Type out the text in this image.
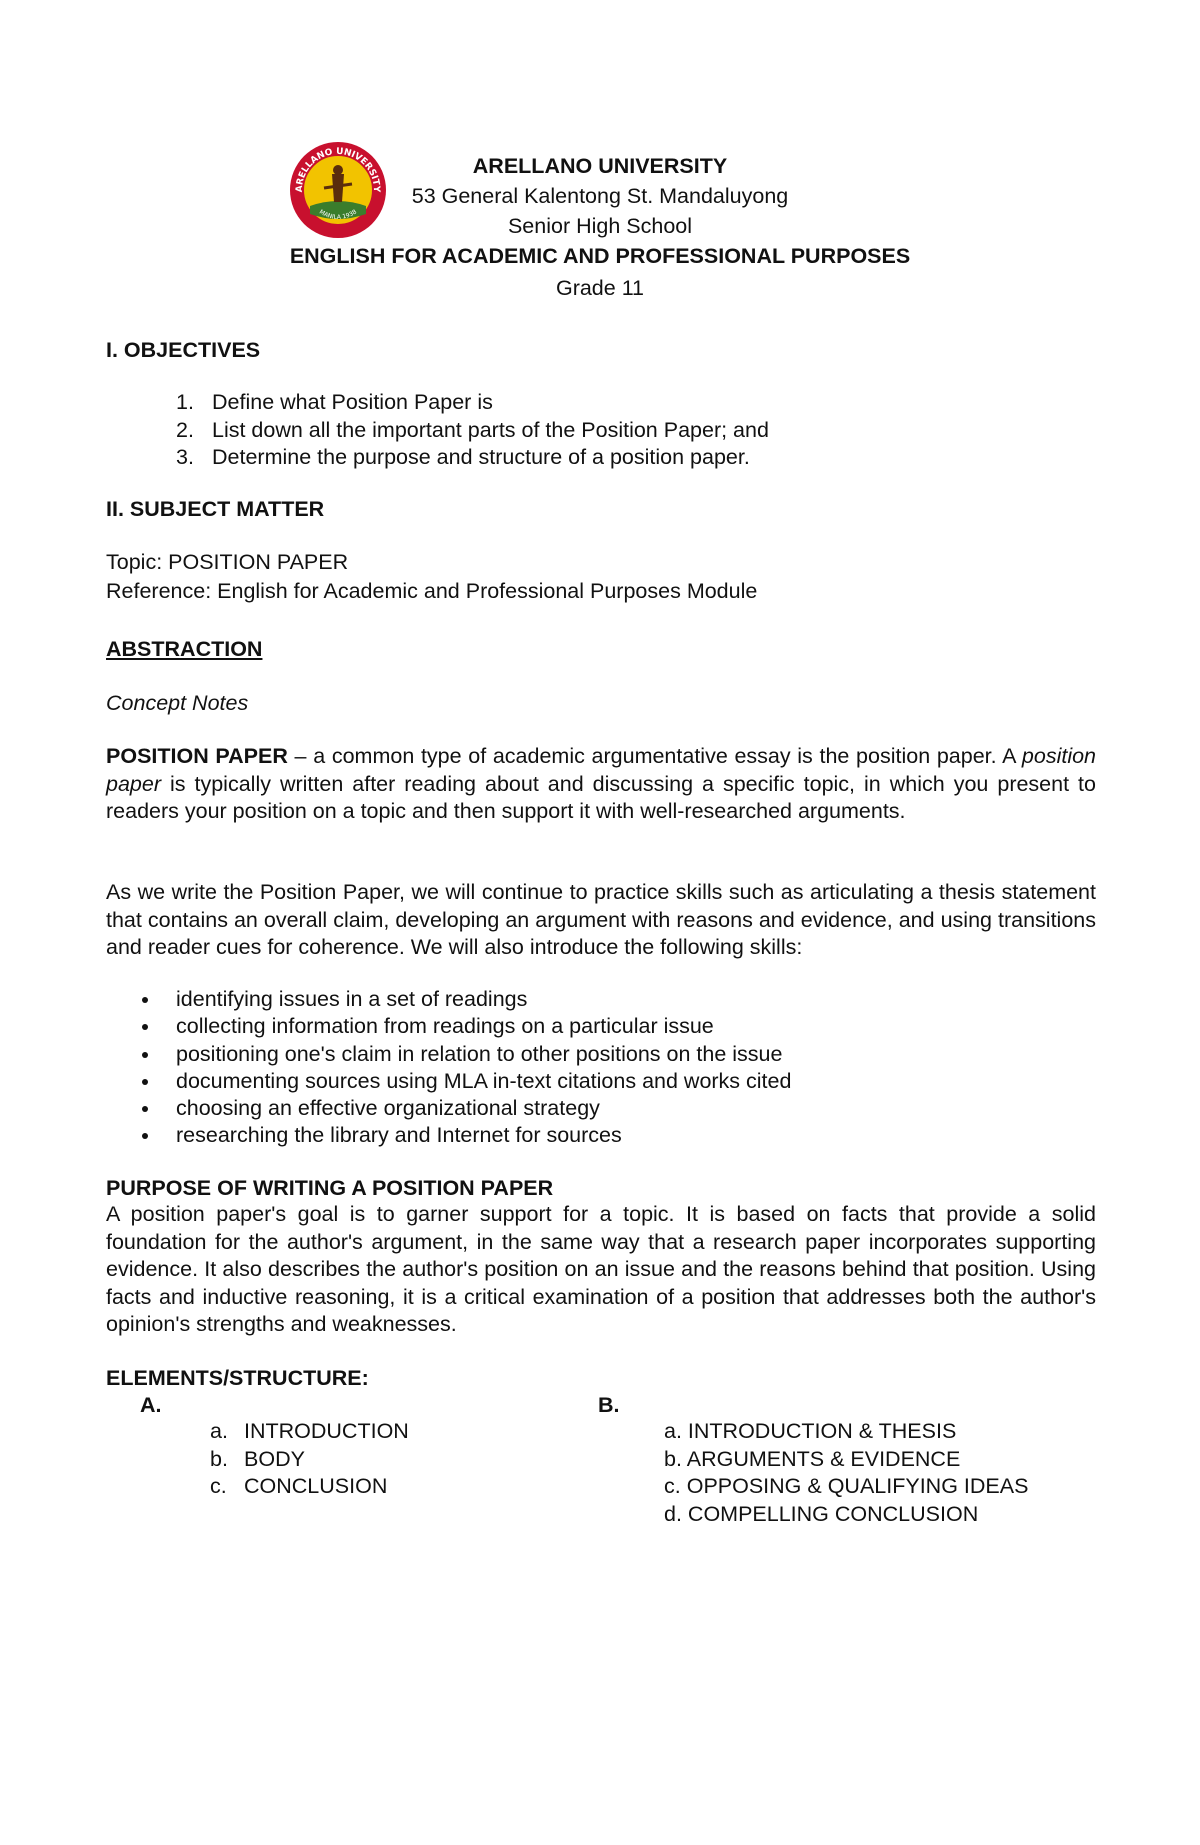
ARELLANO UNIVERSITY
MANILA 1938
ARELLANO UNIVERSITY
53 General Kalentong St. Mandaluyong
Senior High School
ENGLISH FOR ACADEMIC AND PROFESSIONAL PURPOSES
Grade 11
I. OBJECTIVES
1. Define what Position Paper is
2. List down all the important parts of the Position Paper; and
3. Determine the purpose and structure of a position paper.
II. SUBJECT MATTER
Topic: POSITION PAPER
Reference: English for Academic and Professional Purposes Module
ABSTRACTION
Concept Notes

POSITION PAPER – a common type of academic argumentative essay is the position paper. A position paper is typically written after reading about and discussing a specific topic, in which you present to readers your position on a topic and then support it with well-researched arguments.

As we write the Position Paper, we will continue to practice skills such as articulating a thesis statement that contains an overall claim, developing an argument with reasons and evidence, and using transitions and reader cues for coherence. We will also introduce the following skills:

identifying issues in a set of readings
collecting information from readings on a particular issue
positioning one's claim in relation to other positions on the issue
documenting sources using MLA in-text citations and works cited
choosing an effective organizational strategy
researching the library and Internet for sources
PURPOSE OF WRITING A POSITION PAPER

A position paper's goal is to garner support for a topic. It is based on facts that provide a solid foundation for the author's argument, in the same way that a research paper incorporates supporting evidence. It also describes the author's position on an issue and the reasons behind that position. Using facts and inductive reasoning, it is a critical examination of a position that addresses both the author's opinion's strengths and weaknesses.

ELEMENTS/STRUCTURE:
A.	B.
a. INTRODUCTION
b. BODY
c. CONCLUSION
a. INTRODUCTION & THESIS
b. ARGUMENTS & EVIDENCE
c. OPPOSING & QUALIFYING IDEAS
d. COMPELLING CONCLUSION
